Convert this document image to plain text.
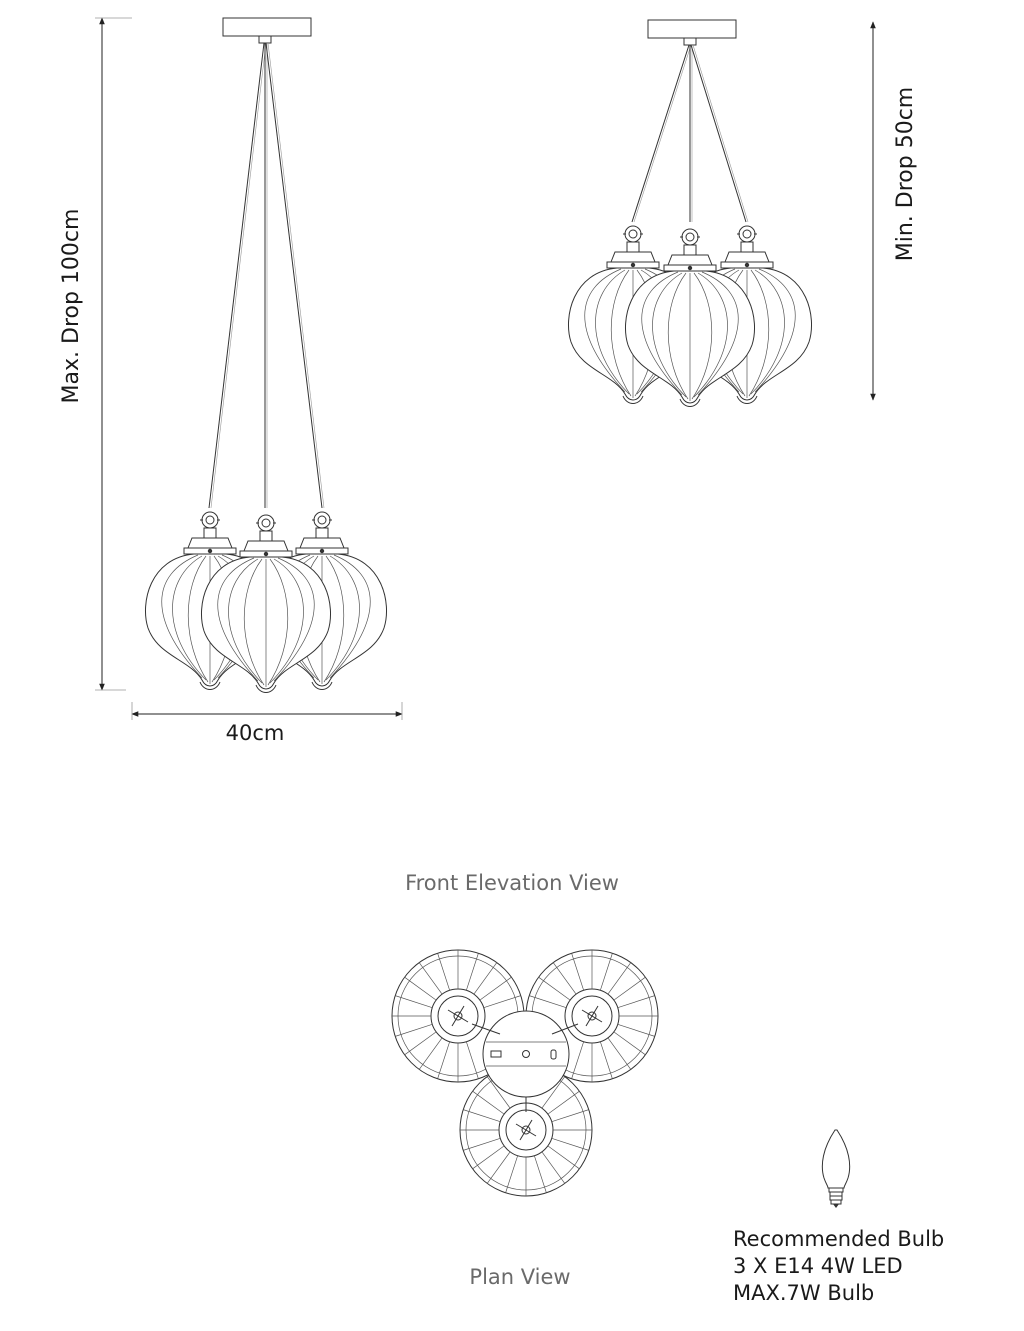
Max. Drop 100cm
40cm
Min. Drop 50cm
Front Elevation View
Plan View
Recommended Bulb
3 X E14 4W LED
MAX.7W Bulb
